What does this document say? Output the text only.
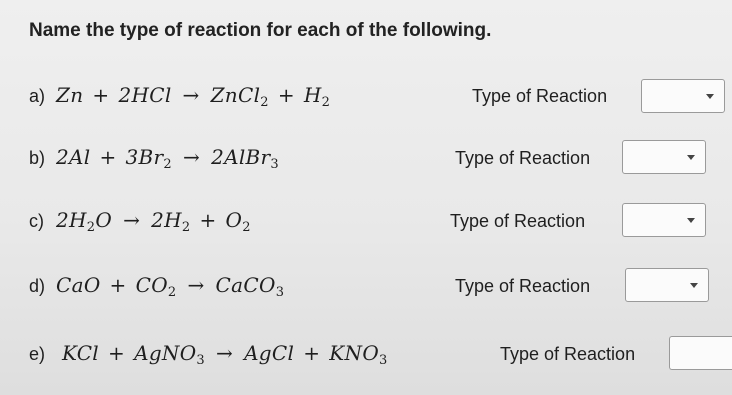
Name the type of reaction for each of the following.
a) Zn + 2HCl → ZnCl$_2$ + $H_2$	Type of Reaction
b) $2Al + 3Br_2$ → 2AlBr$_3$	Type of Reaction
c) $2H_2O \to 2H_2 + O_2$	Type of Reaction
d) CaO + $CO_2$ → CaCO$_3$	Type of Reaction
e) KCl + AgNO$_3$ → AgCl + $KNO_3$	Type of Reaction
